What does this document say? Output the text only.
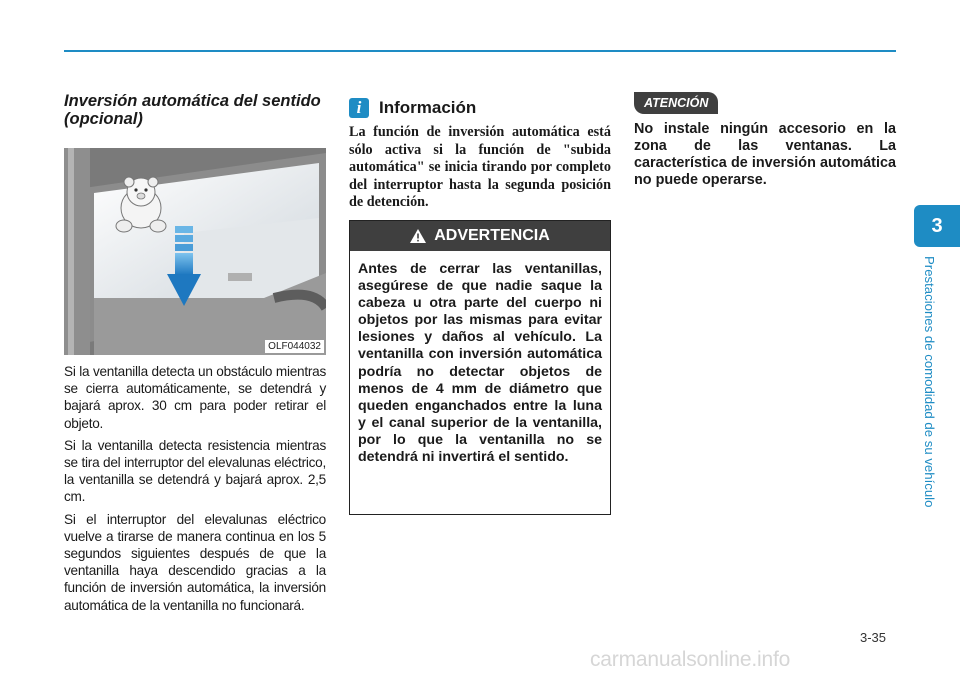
Inversión automática del sentido (opcional)
OLF044032

Si la ventanilla detecta un obstáculo mientras se cierra automáticamente, se detendrá y bajará aprox. 30 cm para poder retirar el objeto.

Si la ventanilla detecta resistencia mientras se tira del interruptor del elevalunas eléctrico, la ventanilla se detendrá y bajará aprox. 2,5 cm.

Si el interruptor del elevalunas eléctrico vuelve a tirarse de manera continua en los 5 segundos siguientes después de que la ventanilla haya descendido gracias a la función de inversión automática, la inversión automática de la ventanilla no funcionará.

i	Información
La función de inversión automática está sólo activa si la función de "subida automática" se inicia tirando por completo del interruptor hasta la segunda posición de detención.
ADVERTENCIA
Antes de cerrar las ventanillas, asegúrese de que nadie saque la cabeza u otra parte del cuerpo ni objetos por las mismas para evitar lesiones y daños al vehículo. La ventanilla con inversión automática podría no detectar objetos de menos de 4 mm de diámetro que queden enganchados entre la luna y el canal superior de la ventanilla, por lo que la ventanilla no se detendrá ni invertirá el sentido.
ATENCIÓN
No instale ningún accesorio en la zona de las ventanas. La característica de inversión automática no puede operarse.
3
Prestaciones de comodidad de su vehículo
3-35
carmanualsonline.info
